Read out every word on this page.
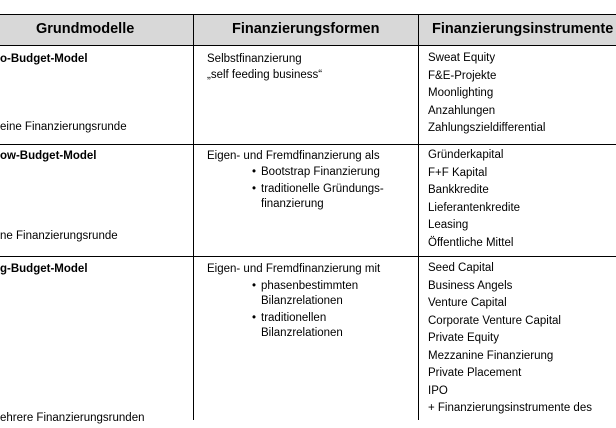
Grundmodelle	Finanzierungsformen	Finanzierungsinstrumente
o-Budget-Model
eine Finanzierungsrunde
Selbstfinanzierung
„self feeding business“
Sweat Equity
F&E-Projekte
Moonlighting
Anzahlungen
Zahlungszieldifferential
ow-Budget-Model
ne Finanzierungsrunde
Eigen- und Fremdfinanzierung als
• Bootstrap Finanzierung
• traditionelle Gründungs-
finanzierung
Gründerkapital
F+F Kapital
Bankkredite
Lieferantenkredite
Leasing
Öffentliche Mittel
g-Budget-Model
ehrere Finanzierungsrunden
Eigen- und Fremdfinanzierung mit
• phasenbestimmten
Bilanzrelationen
• traditionellen
Bilanzrelationen
Seed Capital
Business Angels
Venture Capital
Corporate Venture Capital
Private Equity
Mezzanine Finanzierung
Private Placement
IPO
+ Finanzierungsinstrumente des
